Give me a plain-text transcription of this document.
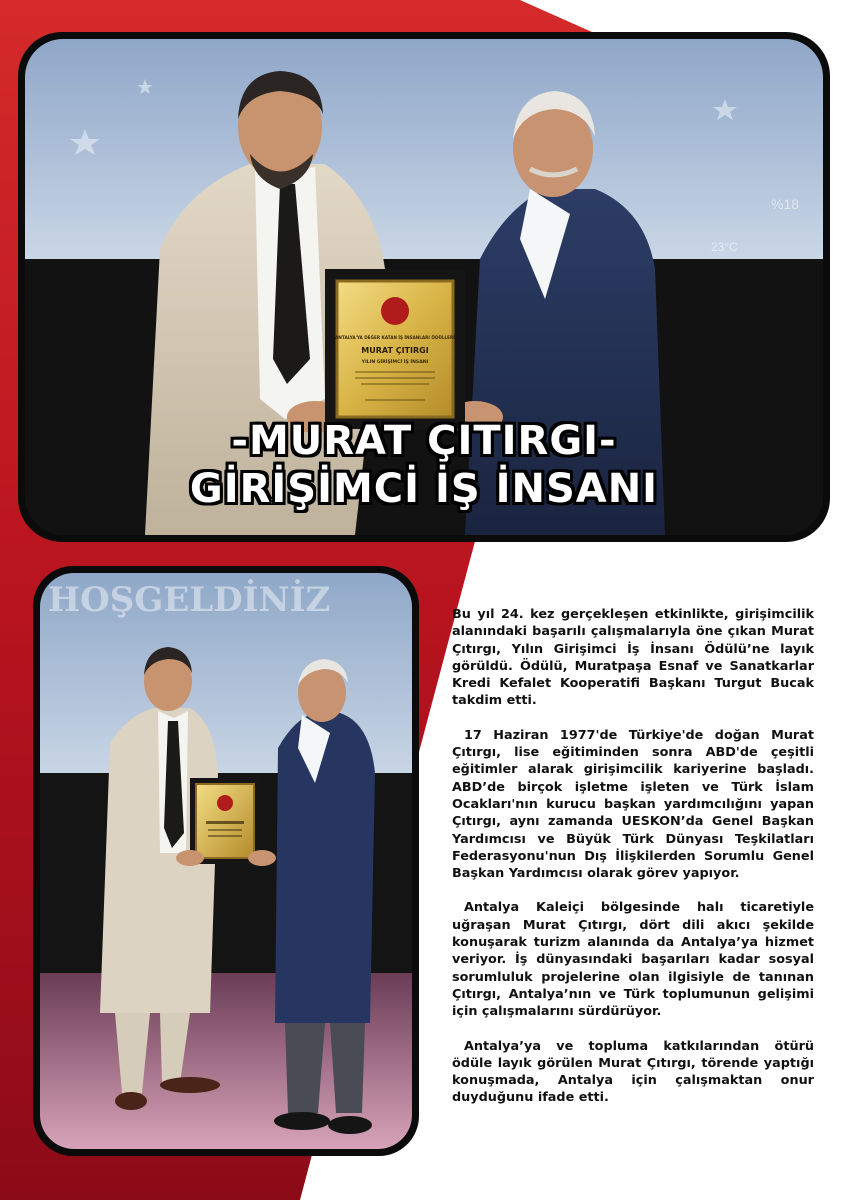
%18
23°C
ANTALYA'YA DEĞER KATAN İŞ İNSANLARI ÖDÜLLERİ
MURAT ÇITIRGI
YILIN GİRİŞİMCİ İŞ İNSANI
-MURAT ÇITIRGI-
GİRİŞİMCİ İŞ İNSANI
HOŞGELDİNİZ	Bu yıl 24. kez gerçekleşen etkinlikte, girişimcilik alanındaki başarılı çalışmalarıyla öne çıkan Murat Çıtırgı, Yılın Girişimci İş İnsanı Ödülü’ne layık görüldü. Ödülü, Muratpaşa Esnaf ve Sanatkarlar Kredi Kefalet Kooperatifi Başkanı Turgut Bucak takdim etti.

17 Haziran 1977'de Türkiye'de doğan Murat Çıtırgı, lise eğitiminden sonra ABD'de çeşitli eğitimler alarak girişimcilik kariyerine başladı. ABD’de birçok işletme işleten ve Türk İslam Ocakları'nın kurucu başkan yardımcılığını yapan Çıtırgı, aynı zamanda UESKON’da Genel Başkan Yardımcısı ve Büyük Türk Dünyası Teşkilatları Federasyonu'nun Dış İlişkilerden Sorumlu Genel Başkan Yardımcısı olarak görev yapıyor.

Antalya Kaleiçi bölgesinde halı ticaretiyle uğraşan Murat Çıtırgı, dört dili akıcı şekilde konuşarak turizm alanında da Antalya’ya hizmet veriyor. İş dünyasındaki başarıları kadar sosyal sorumluluk projelerine olan ilgisiyle de tanınan Çıtırgı, Antalya’nın ve Türk toplumunun gelişimi için çalışmalarını sürdürüyor.

Antalya’ya ve topluma katkılarından ötürü ödüle layık görülen Murat Çıtırgı, törende yaptığı konuşmada, Antalya için çalışmaktan onur duyduğunu ifade etti.
